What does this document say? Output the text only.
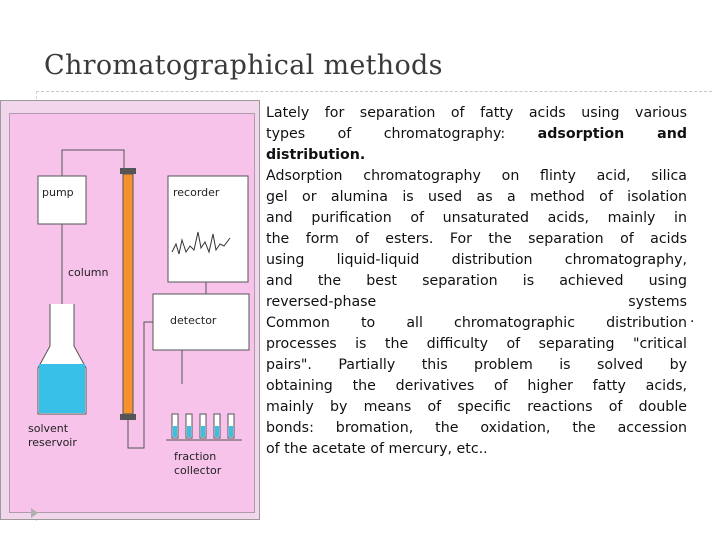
Chromatographical methods
pump	recorder
column
detector
solvent
reservoir
fraction
collector

Lately for separation of fatty acids using various

types of chromatography: adsorption and

distribution.

Adsorption chromatography on flinty acid, silica

gel or alumina is used as a method of isolation

and purification of unsaturated acids, mainly in

the form of esters. For the separation of acids

using liquid-liquid distribution chromatography,

and the best separation is achieved using

reversed-phase systems

Common to all chromatographic distribution

processes is the difficulty of separating "critical

pairs". Partially this problem is solved by

obtaining the derivatives of higher fatty acids,

mainly by means of specific reactions of double

bonds: bromation, the oxidation, the accession

of the acetate of mercury, etc..

.
